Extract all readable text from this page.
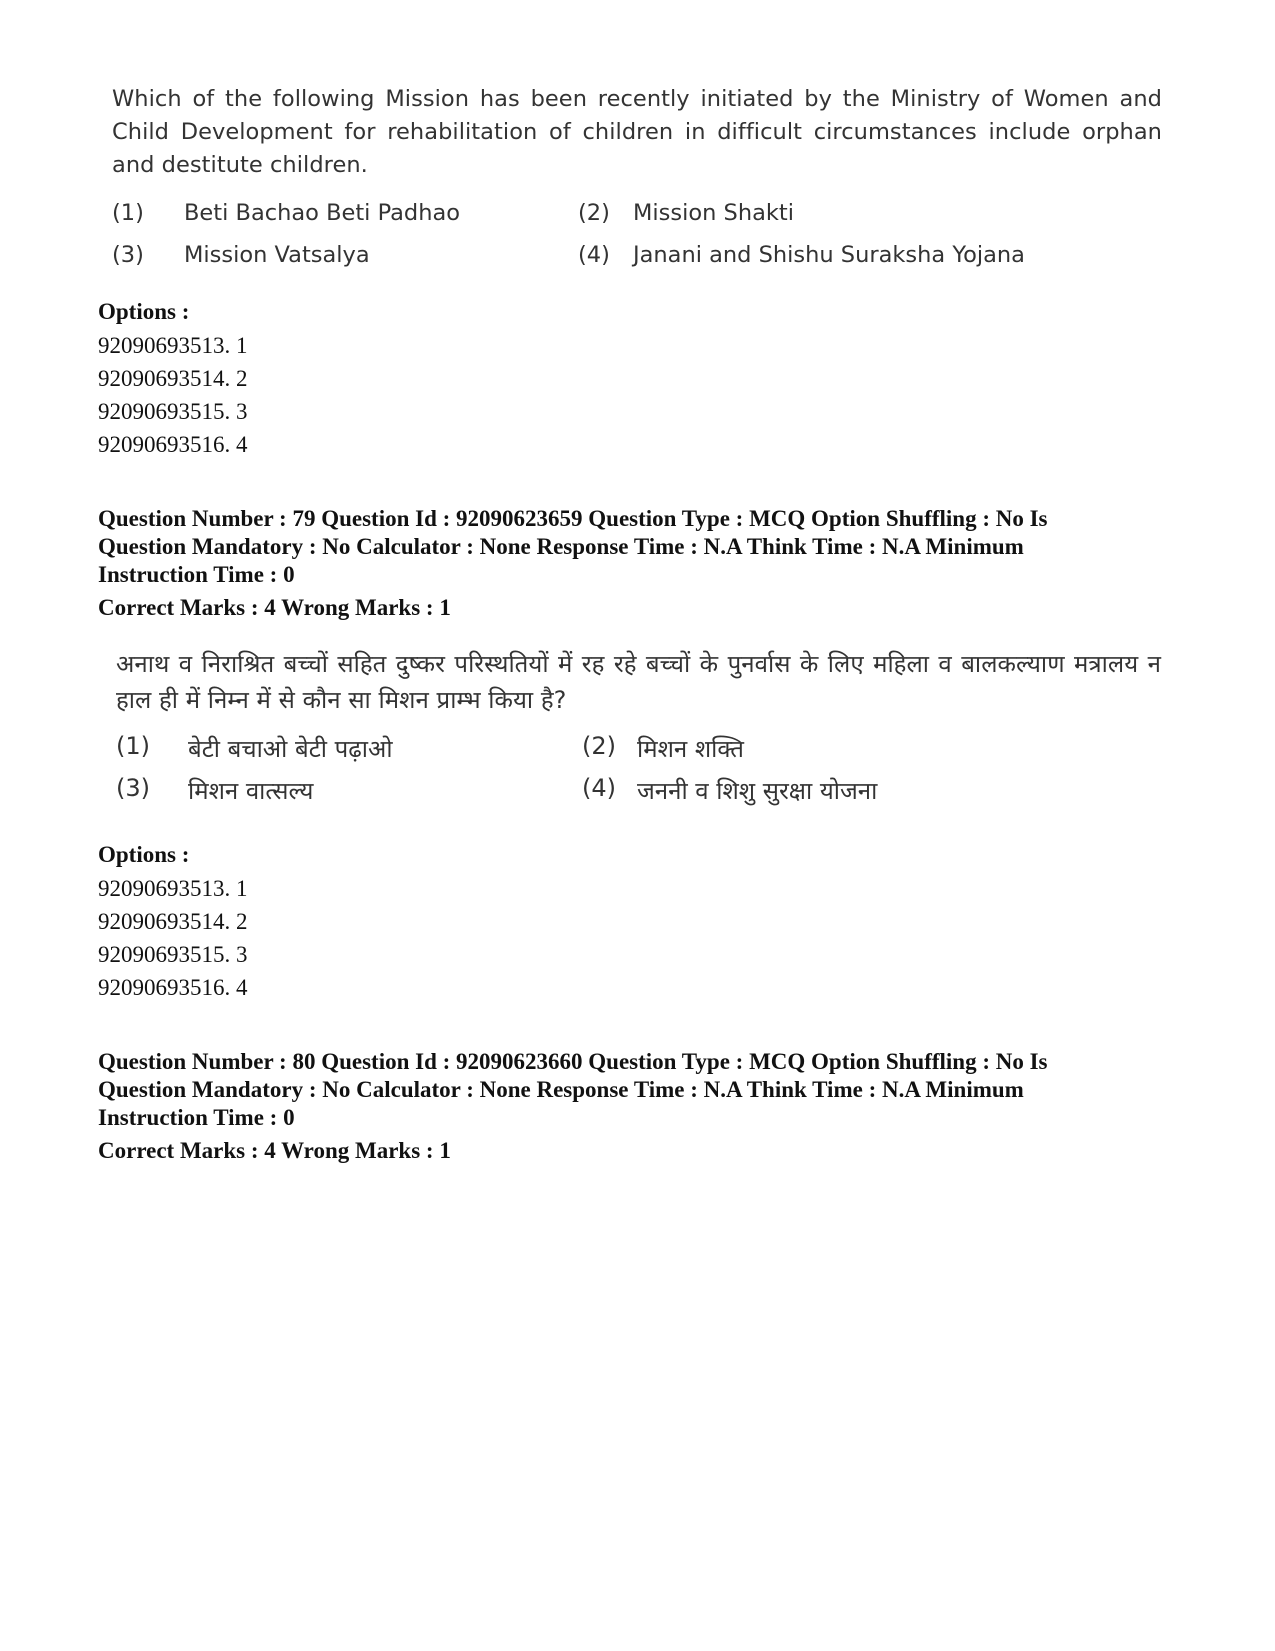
Which of the following Mission has been recently initiated by the Ministry of Women and Child Development for rehabilitation of children in difficult circumstances include orphan and destitute children.
(1) Beti Bachao Beti Padhao	(2) Mission Shakti
(3) Mission Vatsalya	(4) Janani and Shishu Suraksha Yojana
Options :
92090693513. 1
92090693514. 2
92090693515. 3
92090693516. 4
Question Number : 79 Question Id : 92090623659 Question Type : MCQ Option Shuffling : No Is
Question Mandatory : No Calculator : None Response Time : N.A Think Time : N.A Minimum
Instruction Time : 0
Correct Marks : 4 Wrong Marks : 1
अनाथ व निराश्रित बच्चों सहित दुष्कर परिस्थतियों में रह रहे बच्चों के पुनर्वास के लिए महिला व बालकल्याण मत्रालय न हाल ही में निम्न में से कौन सा मिशन प्राम्भ किया है?
(1) बेटी बचाओ बेटी पढ़ाओ	(2) मिशन शक्ति
(3) मिशन वात्सल्य	(4) जननी व शिशु सुरक्षा योजना
Options :
92090693513. 1
92090693514. 2
92090693515. 3
92090693516. 4
Question Number : 80 Question Id : 92090623660 Question Type : MCQ Option Shuffling : No Is
Question Mandatory : No Calculator : None Response Time : N.A Think Time : N.A Minimum
Instruction Time : 0
Correct Marks : 4 Wrong Marks : 1
